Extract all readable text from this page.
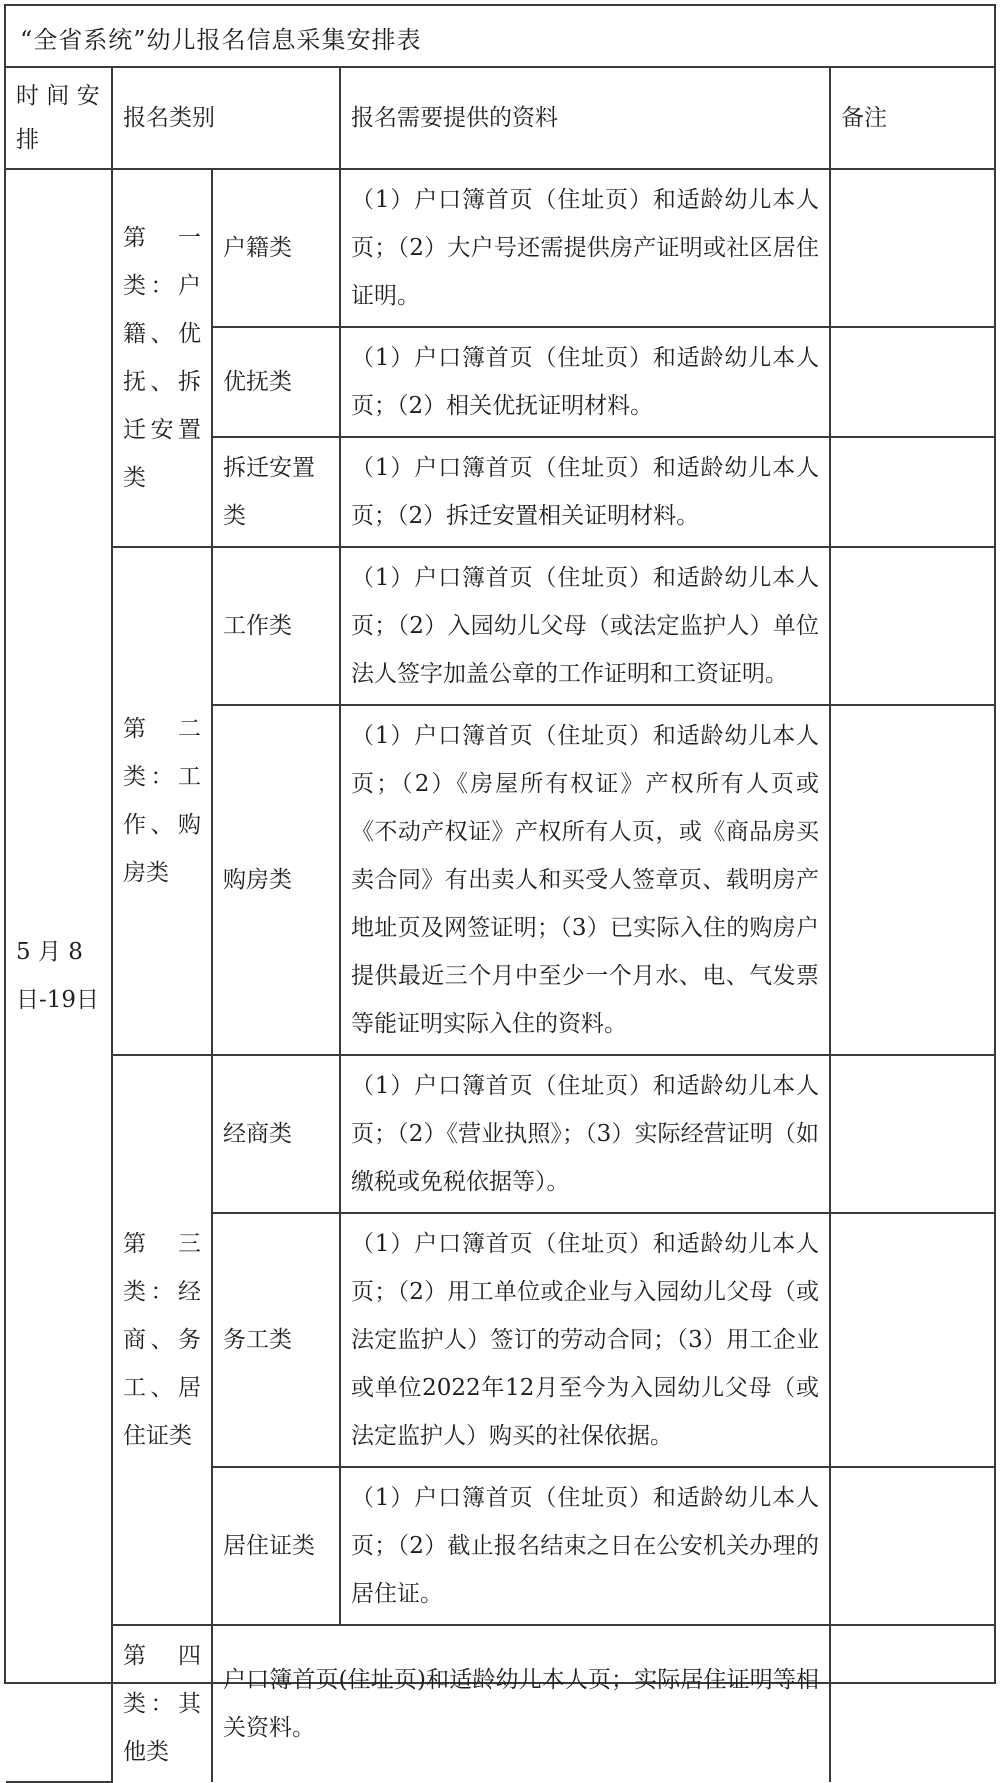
“全省系统”幼儿报名信息采集安排表
时 间 安 排	报名类别		报名需要提供的资料	备注
5 月 8 日-19日	第 一 类：户 籍、优 抚、拆 迁安置 类	户籍类	（1）户口簿首页（住址页）和适龄幼儿本人页；（2）大户号还需提供房产证明或社区居住证明。	
		优抚类	（1）户口簿首页（住址页）和适龄幼儿本人页；（2）相关优抚证明材料。	
		拆迁安置类	（1）户口簿首页（住址页）和适龄幼儿本人页；（2）拆迁安置相关证明材料。	
	第 二 类：工 作、购 房类	工作类	（1）户口簿首页（住址页）和适龄幼儿本人页；（2）入园幼儿父母（或法定监护人）单位法人签字加盖公章的工作证明和工资证明。	
		购房类	（1）户口簿首页（住址页）和适龄幼儿本人页；（2）《房屋所有权证》产权所有人页或《不动产权证》产权所有人页，或《商品房买卖合同》有出卖人和买受人签章页、载明房产地址页及网签证明；（3）已实际入住的购房户提供最近三个月中至少一个月水、电、气发票等能证明实际入住的资料。	
	第 三 类：经 商、务 工、居 住证类	经商类	（1）户口簿首页（住址页）和适龄幼儿本人页；（2）《营业执照》；（3）实际经营证明（如缴税或免税依据等）。	
		务工类	（1）户口簿首页（住址页）和适龄幼儿本人页；（2）用工单位或企业与入园幼儿父母（或法定监护人）签订的劳动合同；（3）用工企业或单位2022年12月至今为入园幼儿父母（或法定监护人）购买的社保依据。	
		居住证类	（1）户口簿首页（住址页）和适龄幼儿本人页；（2）截止报名结束之日在公安机关办理的居住证。	
	第 四 类：其 他类	户口簿首页(住址页)和适龄幼儿本人页；实际居住证明等相关资料。		
